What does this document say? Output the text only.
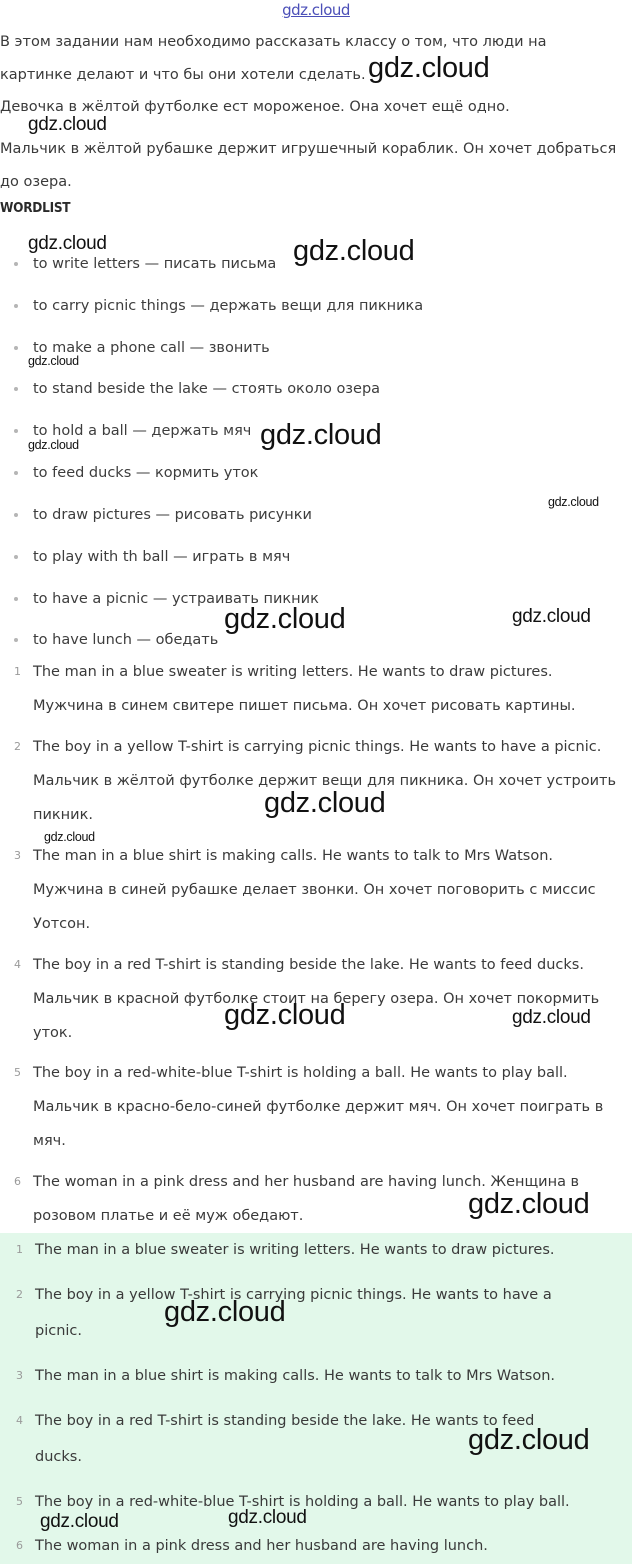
gdz.cloud

В этом задании нам необходимо рассказать классу о том, что люди на

картинке делают и что бы они хотели сделать.

Девочка в жёлтой футболке ест мороженое. Она хочет ещё одно.

Мальчик в жёлтой рубашке держит игрушечный кораблик. Он хочет добраться

до озера.

WORDLIST
to write letters — писать письма
to carry picnic things — держать вещи для пикника
to make a phone call — звонить
to stand beside the lake — стоять около озера
to hold a ball — держать мяч
to feed ducks — кормить уток
to draw pictures — рисовать рисунки
to play with th ball — играть в мяч
to have a picnic — устраивать пикник
to have lunch — обедать
1 The man in a blue sweater is writing letters. He wants to draw pictures.
Мужчина в синем свитере пишет письма. Он хочет рисовать картины.
2 The boy in a yellow T-shirt is carrying picnic things. He wants to have a picnic.
Мальчик в жёлтой футболке держит вещи для пикника. Он хочет устроить
пикник.
3 The man in a blue shirt is making calls. He wants to talk to Mrs Watson.
Мужчина в синей рубашке делает звонки. Он хочет поговорить с миссис
Уотсон.
4 The boy in a red T-shirt is standing beside the lake. He wants to feed ducks.
Мальчик в красной футболке стоит на берегу озера. Он хочет покормить
уток.
5 The boy in a red-white-blue T-shirt is holding a ball. He wants to play ball.
Мальчик в красно-бело-синей футболке держит мяч. Он хочет поиграть в
мяч.
6 The woman in a pink dress and her husband are having lunch. Женщина в
розовом платье и её муж обедают.
1 The man in a blue sweater is writing letters. He wants to draw pictures.
2 The boy in a yellow T-shirt is carrying picnic things. He wants to have a
picnic.
3 The man in a blue shirt is making calls. He wants to talk to Mrs Watson.
4 The boy in a red T-shirt is standing beside the lake. He wants to feed
ducks.
5 The boy in a red-white-blue T-shirt is holding a ball. He wants to play ball.
6 The woman in a pink dress and her husband are having lunch.
gdz.cloud
gdz.cloud
gdz.cloud	gdz.cloud
gdz.cloud
gdz.cloud	gdz.cloud
gdz.cloud
gdz.cloud	gdz.cloud
gdz.cloud
gdz.cloud
gdz.cloud	gdz.cloud
gdz.cloud
gdz.cloud
gdz.cloud
gdz.cloud	gdz.cloud
